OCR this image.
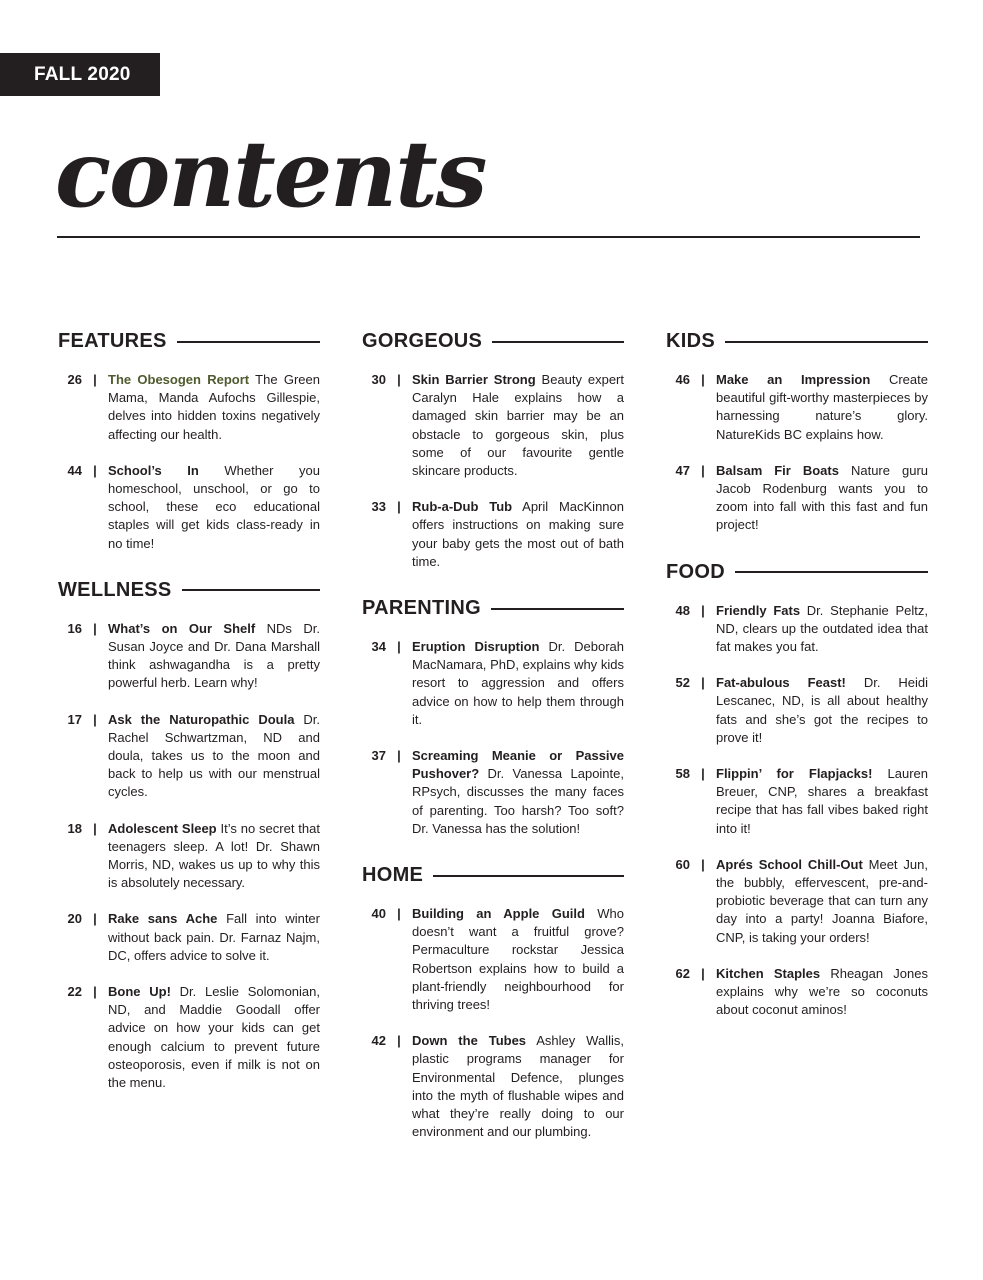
FALL 2020
contents
FEATURES
26 | The Obesogen Report The Green Mama, Manda Aufochs Gillespie, delves into hidden toxins negatively affecting our health.
44 | School’s In Whether you homeschool, unschool, or go to school, these eco educational staples will get kids class-ready in no time!
WELLNESS
16 | What’s on Our Shelf NDs Dr. Susan Joyce and Dr. Dana Marshall think ashwagandha is a pretty powerful herb. Learn why!
17 | Ask the Naturopathic Doula Dr. Rachel Schwartzman, ND and doula, takes us to the moon and back to help us with our menstrual cycles.
18 | Adolescent Sleep It’s no secret that teenagers sleep. A lot! Dr. Shawn Morris, ND, wakes us up to why this is absolutely necessary.
20 | Rake sans Ache Fall into winter without back pain. Dr. Farnaz Najm, DC, offers advice to solve it.
22 | Bone Up! Dr. Leslie Solomonian, ND, and Maddie Goodall offer advice on how your kids can get enough calcium to prevent future osteoporosis, even if milk is not on the menu.
GORGEOUS
30 | Skin Barrier Strong Beauty expert Caralyn Hale explains how a damaged skin barrier may be an obstacle to gorgeous skin, plus some of our favourite gentle skincare products.
33 | Rub-a-Dub Tub April MacKinnon offers instructions on making sure your baby gets the most out of bath time.
PARENTING
34 | Eruption Disruption Dr. Deborah MacNamara, PhD, explains why kids resort to aggression and offers advice on how to help them through it.
37 | Screaming Meanie or Passive Pushover? Dr. Vanessa Lapointe, RPsych, discusses the many faces of parenting. Too harsh? Too soft? Dr. Vanessa has the solution!
HOME
40 | Building an Apple Guild Who doesn’t want a fruitful grove? Permaculture rockstar Jessica Robertson explains how to build a plant-friendly neighbourhood for thriving trees!
42 | Down the Tubes Ashley Wallis, plastic programs manager for Environmental Defence, plunges into the myth of flushable wipes and what they’re really doing to our environment and our plumbing.
KIDS
46 | Make an Impression Create beautiful gift-worthy masterpieces by harnessing nature’s glory. NatureKids BC explains how.
47 | Balsam Fir Boats Nature guru Jacob Rodenburg wants you to zoom into fall with this fast and fun project!
FOOD
48 | Friendly Fats Dr. Stephanie Peltz, ND, clears up the outdated idea that fat makes you fat.
52 | Fat-abulous Feast! Dr. Heidi Lescanec, ND, is all about healthy fats and she’s got the recipes to prove it!
58 | Flippin’ for Flapjacks! Lauren Breuer, CNP, shares a breakfast recipe that has fall vibes baked right into it!
60 | Aprés School Chill-Out Meet Jun, the bubbly, effervescent, pre-and-probiotic beverage that can turn any day into a party! Joanna Biafore, CNP, is taking your orders!
62 | Kitchen Staples Rheagan Jones explains why we’re so coconuts about coconut aminos!
